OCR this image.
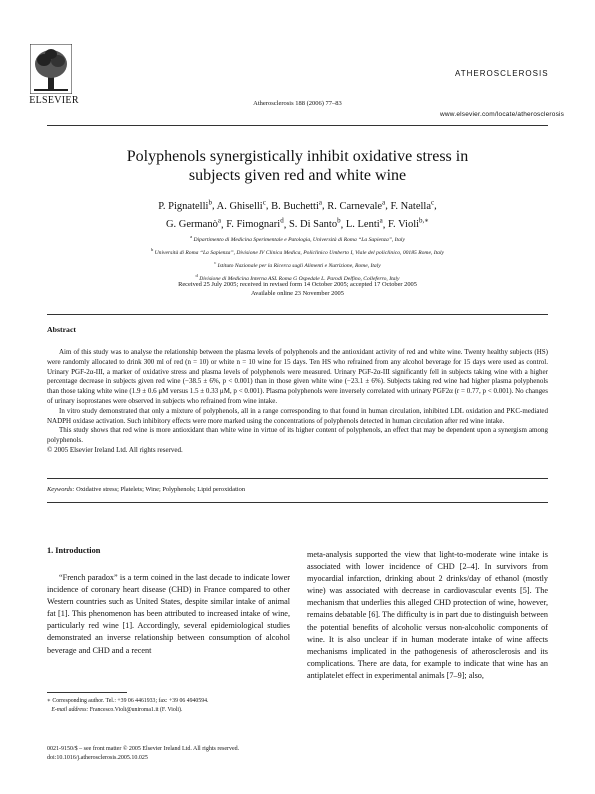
ELSEVIER	Atherosclerosis 188 (2006) 77–83
ATHEROSCLEROSIS
www.elsevier.com/locate/atherosclerosis
Polyphenols synergistically inhibit oxidative stress in
subjects given red and white wine
P. Pignatelli$^b$, A. Ghiselli$^c$, B. Buchetti$^a$, R. Carnevale$^a$, F. Natella$^c$,
G. Germanò$^a$, F. Fimognari$^d$, S. Di Santo$^b$, L. Lenti$^a$, F. Violi$^{b,∗}$
$^a$ Dipartimento di Medicina Sperimentale e Patologia, Università di Roma “La Sapienza”, Italy
$^b$ Università di Roma “La Sapienza”, Divisione IV Clinica Medica, Policlinico Umberto I, Viale del policlinico, 00185 Rome, Italy
$^c$ Istituto Nazionale per la Ricerca sugli Alimenti e Nutrizione, Rome, Italy
$^d$ Divisione di Medicina Interna ASL Roma G Ospedale L. Parodi Delfino, Colleferro, Italy
Received 25 July 2005; received in revised form 14 October 2005; accepted 17 October 2005
Available online 23 November 2005
Abstract

Aim of this study was to analyse the relationship between the plasma levels of polyphenols and the antioxidant activity of red and white wine. Twenty healthy subjects (HS) were randomly allocated to drink 300 ml of red (n = 10) or white n = 10 wine for 15 days. Ten HS who refrained from any alcohol beverage for 15 days were used as control. Urinary PGF-2α-III, a marker of oxidative stress and plasma levels of polyphenols were measured. Urinary PGF-2α-III significantly fell in subjects taking wine with a higher percentage decrease in subjects given red wine (−38.5 ± 6%, p < 0.001) than in those given white wine (−23.1 ± 6%). Subjects taking red wine had higher plasma polyphenols than those taking white wine (1.9 ± 0.6 μM versus 1.5 ± 0.33 μM, p < 0.001). Plasma polyphenols were inversely correlated with urinary PGF2α (r = 0.77, p < 0.001). No changes of urinary isoprostanes were observed in subjects who refrained from wine intake.

In vitro study demonstrated that only a mixture of polyphenols, all in a range corresponding to that found in human circulation, inhibited LDL oxidation and PKC-mediated NADPH oxidase activation. Such inhibitory effects were more marked using the concentrations of polyphenols detected in human circulation after red wine intake.

This study shows that red wine is more antioxidant than white wine in virtue of its higher content of polyphenols, an effect that may be dependent upon a synergism among polyphenols.

© 2005 Elsevier Ireland Ltd. All rights reserved.

Keywords: Oxidative stress; Platelets; Wine; Polyphenols; Lipid peroxidation
1. Introduction

“French paradox” is a term coined in the last decade to indicate lower incidence of coronary heart disease (CHD) in France compared to other Western countries such as United States, despite similar intake of animal fat [1]. This phenomenon has been attributed to increased intake of wine, particularly red wine [1]. Accordingly, several epidemiological studies demonstrated an inverse relationship between consumption of alcohol beverage and CHD and a recent

meta-analysis supported the view that light-to-moderate wine intake is associated with lower incidence of CHD [2–4]. In survivors from myocardial infarction, drinking about 2 drinks/day of ethanol (mostly wine) was associated with decrease in cardiovascular events [5]. The mechanism that underlies this alleged CHD protection of wine, however, remains debatable [6]. The difficulty is in part due to distinguish between the potential benefits of alcoholic versus non-alcoholic components of wine. It is also unclear if in human moderate intake of wine affects mechanisms implicated in the pathogenesis of atherosclerosis and its complications. There are data, for example to indicate that wine has an antiplatelet effect in experimental animals [7–9]; also,

∗ Corresponding author. Tel.: +39 06 4461933; fax: +39 06 4940594.
E-mail address: Francesco.Violi@uniroma1.it (F. Violi).
0021-9150/$ – see front matter © 2005 Elsevier Ireland Ltd. All rights reserved.
doi:10.1016/j.atherosclerosis.2005.10.025
